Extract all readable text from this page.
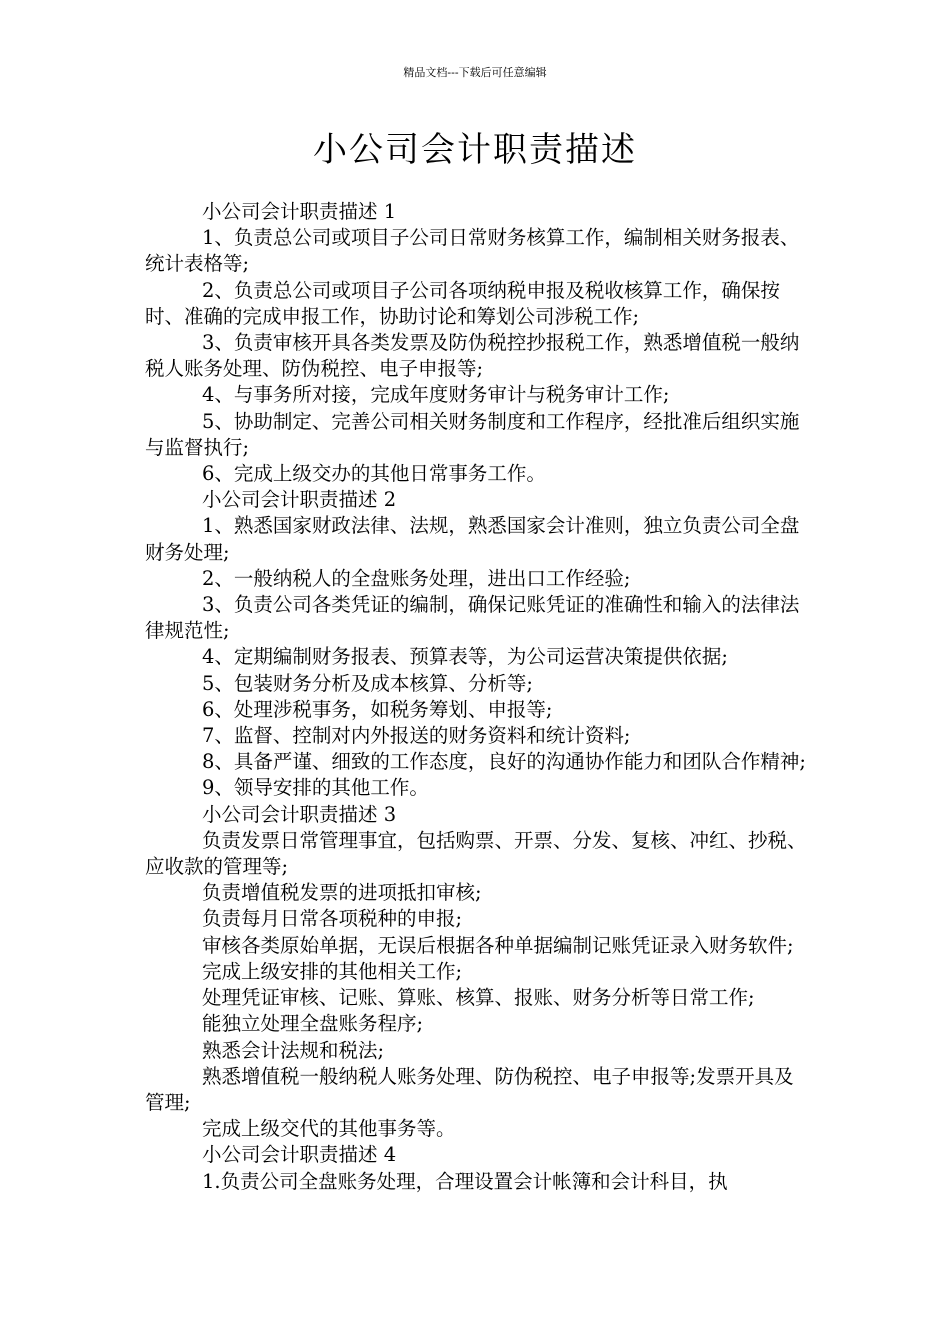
精品文档---下载后可任意编辑
小公司会计职责描述

小公司会计职责描述 1

1、负责总公司或项目子公司日常财务核算工作，编制相关财务报表、统计表格等;

2、负责总公司或项目子公司各项纳税申报及税收核算工作，确保按时、准确的完成申报工作，协助讨论和筹划公司涉税工作;

3、负责审核开具各类发票及防伪税控抄报税工作，熟悉增值税一般纳税人账务处理、防伪税控、电子申报等;

4、与事务所对接，完成年度财务审计与税务审计工作;

5、协助制定、完善公司相关财务制度和工作程序，经批准后组织实施与监督执行;

6、完成上级交办的其他日常事务工作。

小公司会计职责描述 2

1、熟悉国家财政法律、法规，熟悉国家会计准则，独立负责公司全盘财务处理;

2、一般纳税人的全盘账务处理，进出口工作经验;

3、负责公司各类凭证的编制，确保记账凭证的准确性和输入的法律法律规范性;

4、定期编制财务报表、预算表等，为公司运营决策提供依据;

5、包装财务分析及成本核算、分析等;

6、处理涉税事务，如税务筹划、申报等;

7、监督、控制对内外报送的财务资料和统计资料;

8、具备严谨、细致的工作态度，良好的沟通协作能力和团队合作精神;

9、领导安排的其他工作。

小公司会计职责描述 3

负责发票日常管理事宜，包括购票、开票、分发、复核、冲红、抄税、应收款的管理等;

负责增值税发票的进项抵扣审核;

负责每月日常各项税种的申报;

审核各类原始单据，无误后根据各种单据编制记账凭证录入财务软件;

完成上级安排的其他相关工作;

处理凭证审核、记账、算账、核算、报账、财务分析等日常工作;

能独立处理全盘账务程序;

熟悉会计法规和税法;

熟悉增值税一般纳税人账务处理、防伪税控、电子申报等;发票开具及管理;

完成上级交代的其他事务等。

小公司会计职责描述 4

1.负责公司全盘账务处理，合理设置会计帐簿和会计科目，执
